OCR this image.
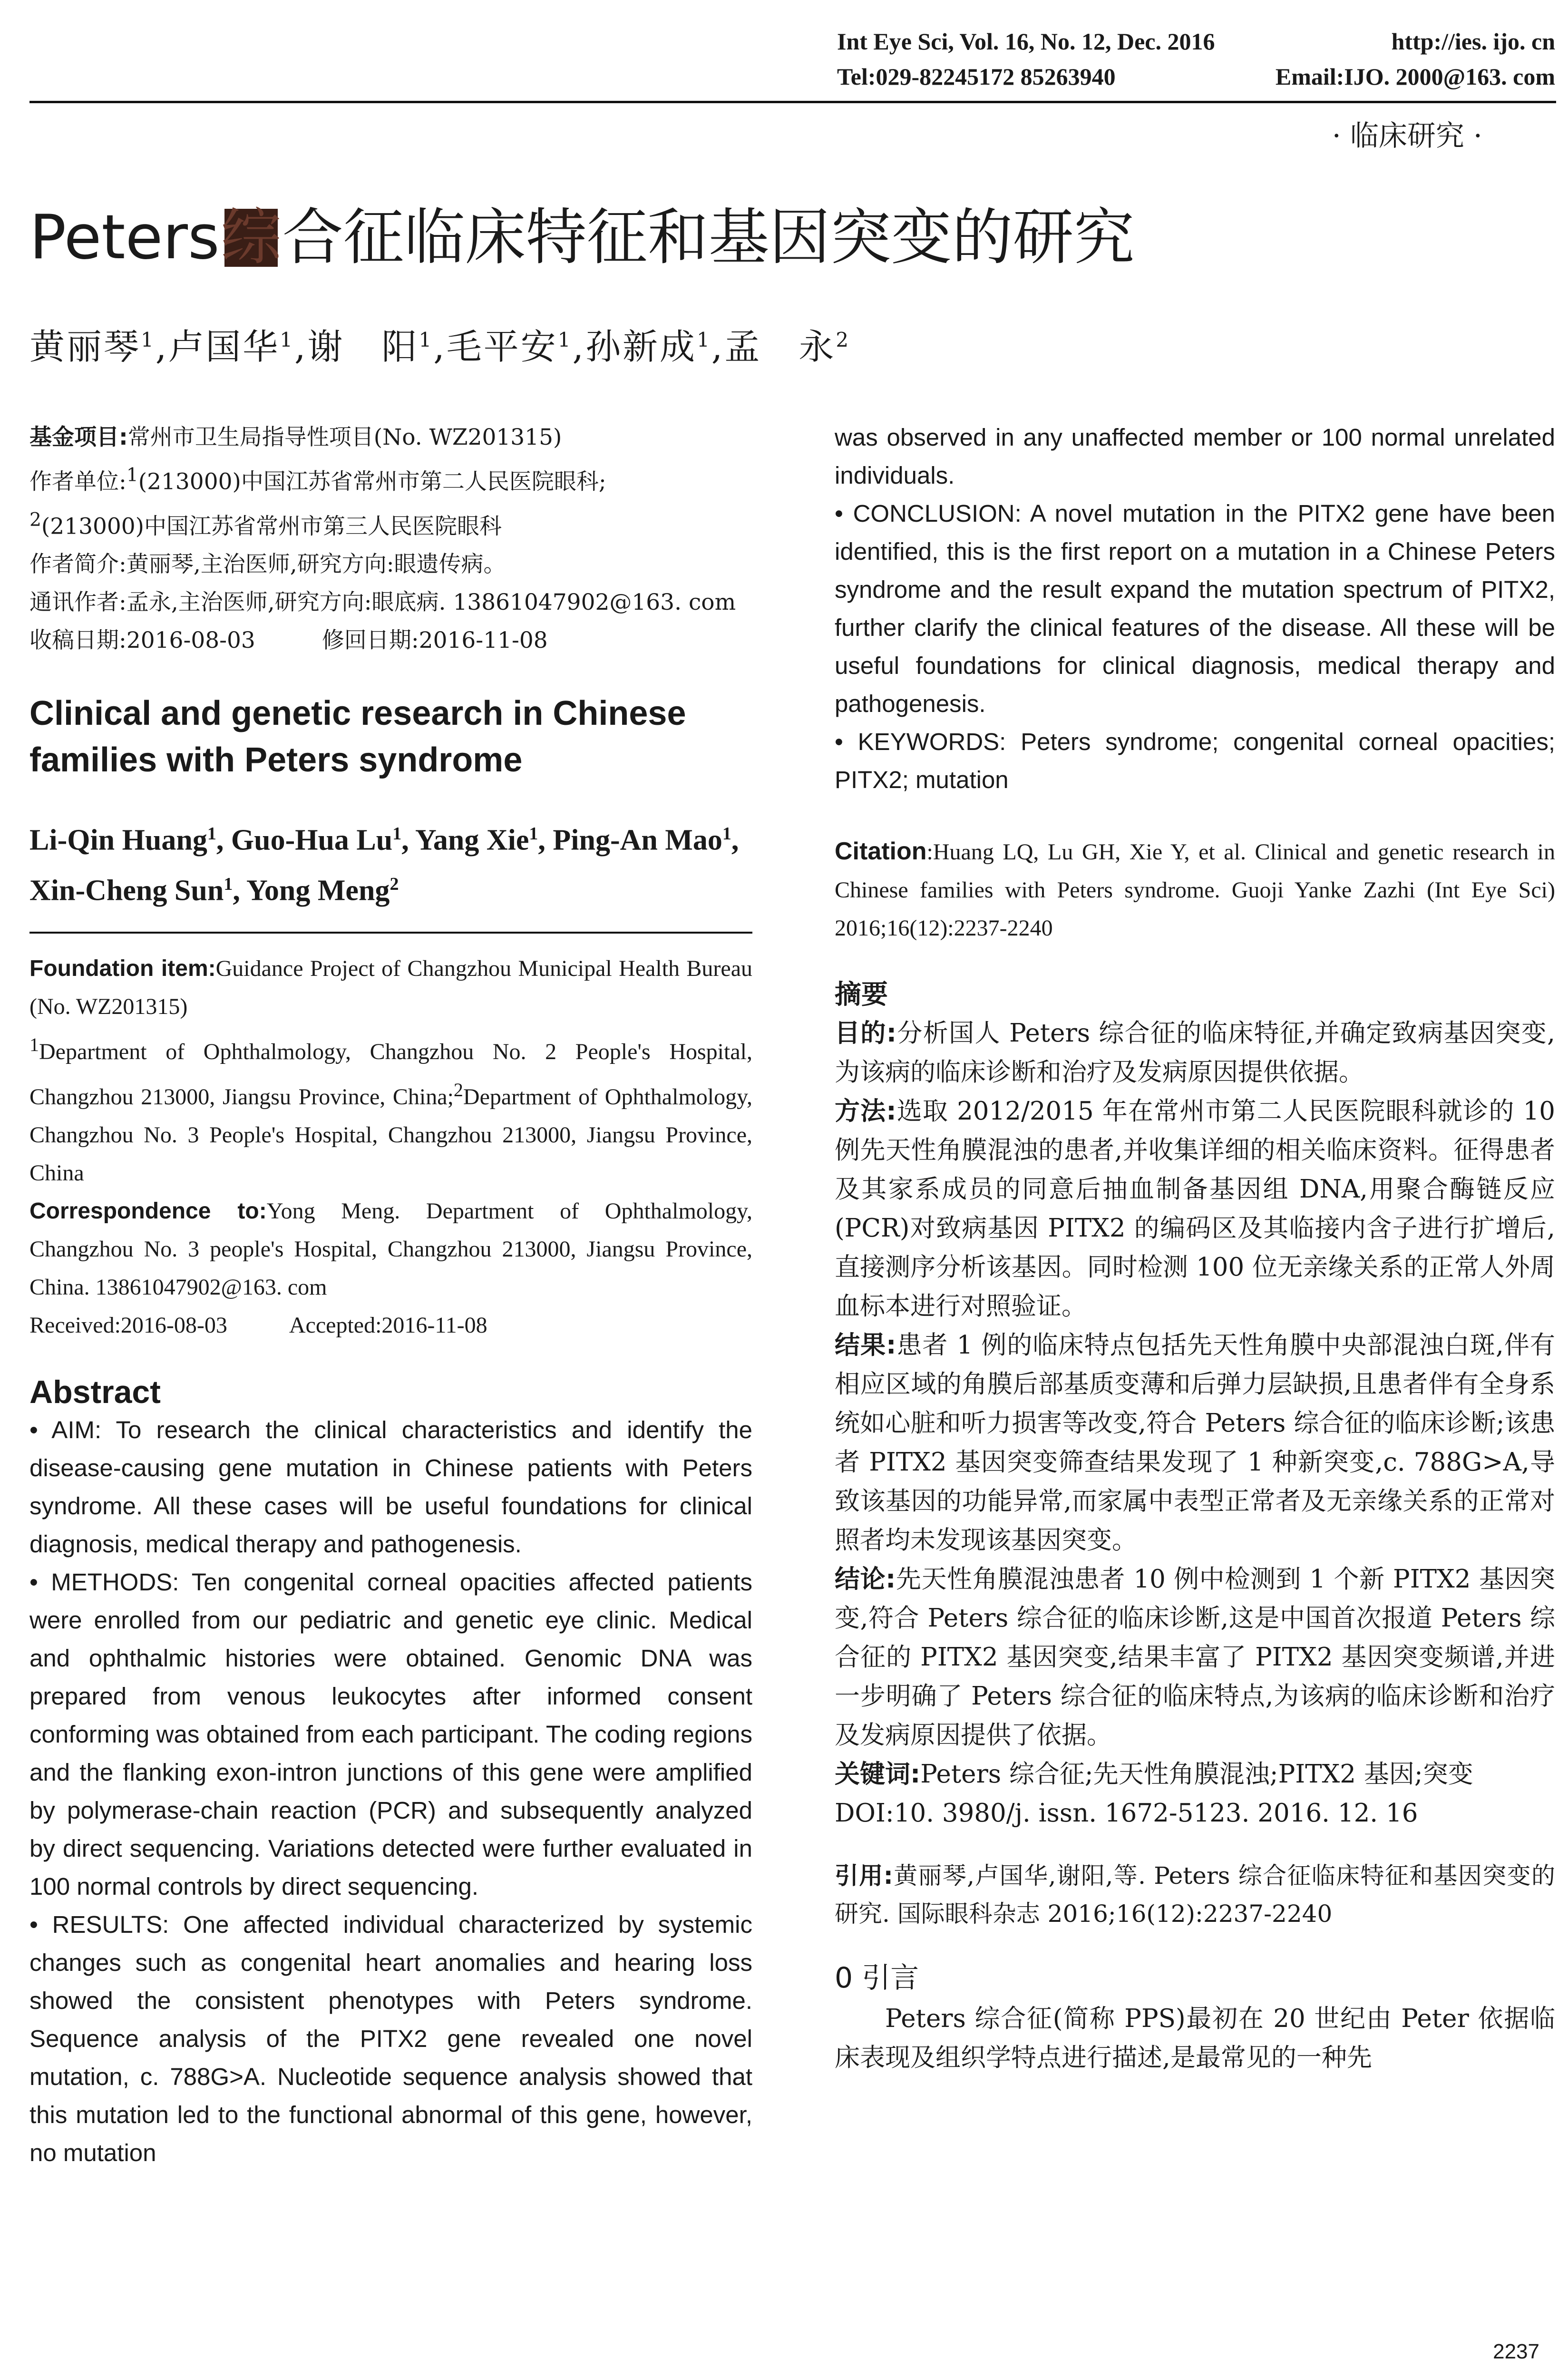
Int Eye Sci, Vol. 16, No. 12, Dec. 2016	http://ies. ijo. cn
Tel:029-82245172 85263940	Email:IJO. 2000@163. com
· 临床研究 ·
Peters 综 合征临床特征和基因突变的研究
黄丽琴$^1$,卢国华$^1$,谢　阳$^1$,毛平安$^1$,孙新成$^1$,孟　永$^2$

基金项目:常州市卫生局指导性项目(No. WZ201315)

作者单位:$^1$(213000)中国江苏省常州市第二人民医院眼科;

$^2$(213000)中国江苏省常州市第三人民医院眼科

作者简介:黄丽琴,主治医师,研究方向:眼遗传病。

通讯作者:孟永,主治医师,研究方向:眼底病. 13861047902@163. com

收稿日期:2016-08-03	修回日期:2016-11-08

Clinical and genetic research in Chinese families with Peters syndrome
Li-Qin Huang$^1$, Guo-Hua Lu$^1$, Yang Xie$^1$, Ping-An Mao$^1$, Xin-Cheng Sun$^1$, Yong Meng$^2$

Foundation item:Guidance Project of Changzhou Municipal Health Bureau (No. WZ201315)

$^1$Department of Ophthalmology, Changzhou No. 2 People's Hospital, Changzhou 213000, Jiangsu Province, China;$^2$Department of Ophthalmology, Changzhou No. 3 People's Hospital, Changzhou 213000, Jiangsu Province, China

Correspondence to:Yong Meng. Department of Ophthalmology, Changzhou No. 3 people's Hospital, Changzhou 213000, Jiangsu Province, China. 13861047902@163. com

Received:2016-08-03	Accepted:2016-11-08

Abstract

• AIM: To research the clinical characteristics and identify the disease-causing gene mutation in Chinese patients with Peters syndrome. All these cases will be useful foundations for clinical diagnosis, medical therapy and pathogenesis.

• METHODS: Ten congenital corneal opacities affected patients were enrolled from our pediatric and genetic eye clinic. Medical and ophthalmic histories were obtained. Genomic DNA was prepared from venous leukocytes after informed consent conforming was obtained from each participant. The coding regions and the flanking exon-intron junctions of this gene were amplified by polymerase-chain reaction (PCR) and subsequently analyzed by direct sequencing. Variations detected were further evaluated in 100 normal controls by direct sequencing.

• RESULTS: One affected individual characterized by systemic changes such as congenital heart anomalies and hearing loss showed the consistent phenotypes with Peters syndrome. Sequence analysis of the PITX2 gene revealed one novel mutation, c. 788G>A. Nucleotide sequence analysis showed that this mutation led to the functional abnormal of this gene, however, no mutation

was observed in any unaffected member or 100 normal unrelated individuals.

• CONCLUSION: A novel mutation in the PITX2 gene have been identified, this is the first report on a mutation in a Chinese Peters syndrome and the result expand the mutation spectrum of PITX2, further clarify the clinical features of the disease. All these will be useful foundations for clinical diagnosis, medical therapy and pathogenesis.

• KEYWORDS: Peters syndrome; congenital corneal opacities; PITX2; mutation

Citation:Huang LQ, Lu GH, Xie Y, et al. Clinical and genetic research in Chinese families with Peters syndrome. Guoji Yanke Zazhi (Int Eye Sci) 2016;16(12):2237-2240
摘要

目的:分析国人 Peters 综合征的临床特征,并确定致病基因突变,为该病的临床诊断和治疗及发病原因提供依据。

方法:选取 2012/2015 年在常州市第二人民医院眼科就诊的 10 例先天性角膜混浊的患者,并收集详细的相关临床资料。征得患者及其家系成员的同意后抽血制备基因组 DNA,用聚合酶链反应(PCR)对致病基因 PITX2 的编码区及其临接内含子进行扩增后,直接测序分析该基因。同时检测 100 位无亲缘关系的正常人外周血标本进行对照验证。

结果:患者 1 例的临床特点包括先天性角膜中央部混浊白斑,伴有相应区域的角膜后部基质变薄和后弹力层缺损,且患者伴有全身系统如心脏和听力损害等改变,符合 Peters 综合征的临床诊断;该患者 PITX2 基因突变筛查结果发现了 1 种新突变,c. 788G>A,导致该基因的功能异常,而家属中表型正常者及无亲缘关系的正常对照者均未发现该基因突变。

结论:先天性角膜混浊患者 10 例中检测到 1 个新 PITX2 基因突变,符合 Peters 综合征的临床诊断,这是中国首次报道 Peters 综合征的 PITX2 基因突变,结果丰富了 PITX2 基因突变频谱,并进一步明确了 Peters 综合征的临床特点,为该病的临床诊断和治疗及发病原因提供了依据。

关键词:Peters 综合征;先天性角膜混浊;PITX2 基因;突变

DOI:10. 3980/j. issn. 1672-5123. 2016. 12. 16

引用:黄丽琴,卢国华,谢阳,等. Peters 综合征临床特征和基因突变的研究. 国际眼科杂志 2016;16(12):2237-2240
0 引言
Peters 综合征(简称 PPS)最初在 20 世纪由 Peter 依据临床表现及组织学特点进行描述,是最常见的一种先
2237
